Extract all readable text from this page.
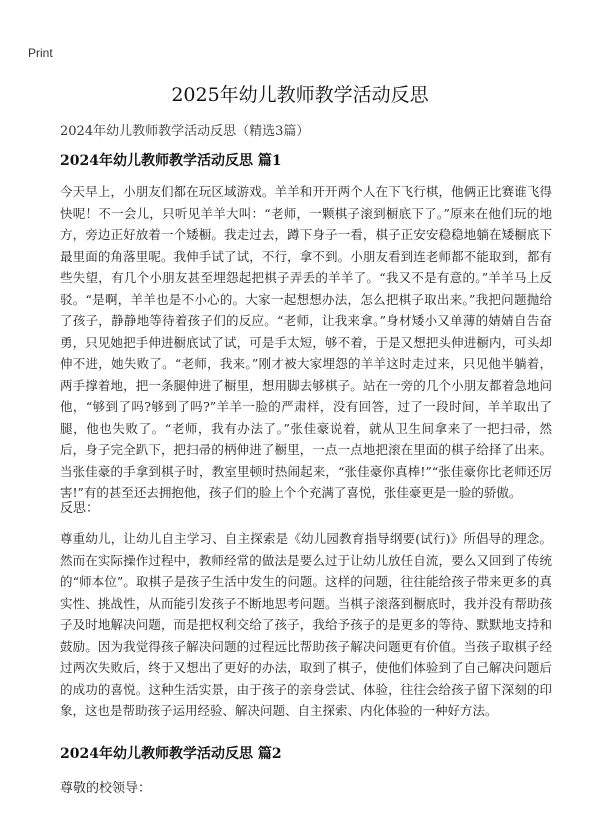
Print
2025年幼儿教师教学活动反思

2024年幼儿教师教学活动反思（精选3篇）

2024年幼儿教师教学活动反思 篇1

今天早上，小朋友们都在玩区域游戏。羊羊和开开两个人在下飞行棋，他俩正比赛谁飞得快呢！不一会儿，只听见羊羊大叫：“老师，一颗棋子滚到橱底下了。”原来在他们玩的地方，旁边正好放着一个矮橱。我走过去，蹲下身子一看，棋子正安安稳稳地躺在矮橱底下最里面的角落里呢。我伸手试了试，不行，拿不到。小朋友看到连老师都不能取到，都有些失望，有几个小朋友甚至埋怨起把棋子弄丢的羊羊了。“我又不是有意的。”羊羊马上反驳。“是啊，羊羊也是不小心的。大家一起想想办法，怎么把棋子取出来。”我把问题抛给了孩子，静静地等待着孩子们的反应。“老师，让我来拿。”身材矮小又单薄的婧婧自告奋勇，只见她把手伸进橱底试了试，可是手太短，够不着，于是又想把头伸进橱内，可头却伸不进，她失败了。“老师，我来。”刚才被大家埋怨的羊羊这时走过来，只见他半躺着，两手撑着地，把一条腿伸进了橱里，想用脚去够棋子。站在一旁的几个小朋友都着急地问他，“够到了吗?够到了吗?”羊羊一脸的严肃样，没有回答，过了一段时间，羊羊取出了腿，他也失败了。“老师，我有办法了。”张佳豪说着，就从卫生间拿来了一把扫帚，然后，身子完全趴下，把扫帚的柄伸进了橱里，一点一点地把滚在里面的棋子给择了出来。当张佳豪的手拿到棋子时，教室里顿时热闹起来，“张佳豪你真棒!”“张佳豪你比老师还厉害!”有的甚至还去拥抱他，孩子们的脸上个个充满了喜悦，张佳豪更是一脸的骄傲。

反思：

尊重幼儿，让幼儿自主学习、自主探索是《幼儿园教育指导纲要(试行)》所倡导的理念。然而在实际操作过程中，教师经常的做法是要么过于让幼儿放任自流，要么又回到了传统的“师本位”。取棋子是孩子生活中发生的问题。这样的问题，往往能给孩子带来更多的真实性、挑战性，从而能引发孩子不断地思考问题。当棋子滚落到橱底时，我并没有帮助孩子及时地解决问题，而是把权利交给了孩子，我给予孩子的是更多的等待、默默地支持和鼓励。因为我觉得孩子解决问题的过程远比帮助孩子解决问题更有价值。当孩子取棋子经过两次失败后，终于又想出了更好的办法，取到了棋子，使他们体验到了自己解决问题后的成功的喜悦。这种生活实景，由于孩子的亲身尝试、体验，往往会给孩子留下深刻的印象，这也是帮助孩子运用经验、解决问题、自主探索、内化体验的一种好方法。

2024年幼儿教师教学活动反思 篇2

尊敬的校领导：
